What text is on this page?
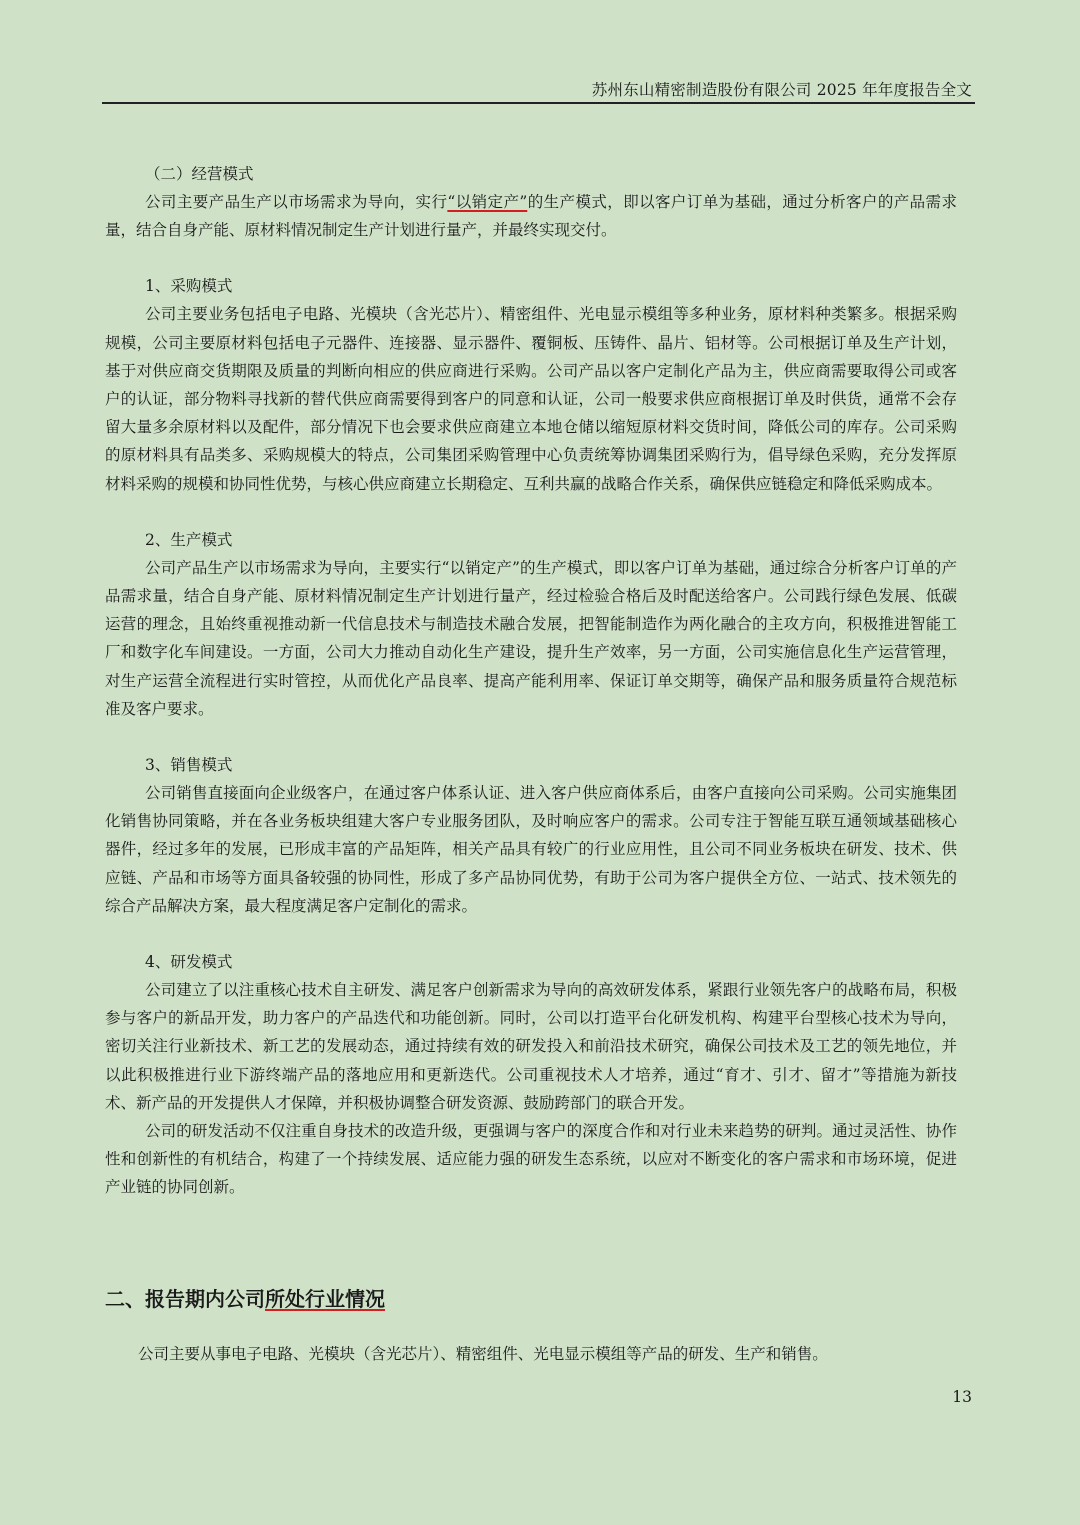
苏州东山精密制造股份有限公司 2025 年年度报告全文

（二）经营模式

公司主要产品生产以市场需求为导向，实行“以销定产”的生产模式，即以客户订单为基础，通过分析客户的产品需求量，结合自身产能、原材料情况制定生产计划进行量产，并最终实现交付。

1、采购模式

公司主要业务包括电子电路、光模块（含光芯片）、精密组件、光电显示模组等多种业务，原材料种类繁多。根据采购规模，公司主要原材料包括电子元器件、连接器、显示器件、覆铜板、压铸件、晶片、铝材等。公司根据订单及生产计划，基于对供应商交货期限及质量的判断向相应的供应商进行采购。公司产品以客户定制化产品为主，供应商需要取得公司或客户的认证，部分物料寻找新的替代供应商需要得到客户的同意和认证，公司一般要求供应商根据订单及时供货，通常不会存留大量多余原材料以及配件，部分情况下也会要求供应商建立本地仓储以缩短原材料交货时间，降低公司的库存。公司采购的原材料具有品类多、采购规模大的特点，公司集团采购管理中心负责统筹协调集团采购行为，倡导绿色采购，充分发挥原材料采购的规模和协同性优势，与核心供应商建立长期稳定、互利共赢的战略合作关系，确保供应链稳定和降低采购成本。

2、生产模式

公司产品生产以市场需求为导向，主要实行“以销定产”的生产模式，即以客户订单为基础，通过综合分析客户订单的产品需求量，结合自身产能、原材料情况制定生产计划进行量产，经过检验合格后及时配送给客户。公司践行绿色发展、低碳运营的理念，且始终重视推动新一代信息技术与制造技术融合发展，把智能制造作为两化融合的主攻方向，积极推进智能工厂和数字化车间建设。一方面，公司大力推动自动化生产建设，提升生产效率，另一方面，公司实施信息化生产运营管理，对生产运营全流程进行实时管控，从而优化产品良率、提高产能利用率、保证订单交期等，确保产品和服务质量符合规范标准及客户要求。

3、销售模式

公司销售直接面向企业级客户，在通过客户体系认证、进入客户供应商体系后，由客户直接向公司采购。公司实施集团化销售协同策略，并在各业务板块组建大客户专业服务团队，及时响应客户的需求。公司专注于智能互联互通领域基础核心器件，经过多年的发展，已形成丰富的产品矩阵，相关产品具有较广的行业应用性，且公司不同业务板块在研发、技术、供应链、产品和市场等方面具备较强的协同性，形成了多产品协同优势，有助于公司为客户提供全方位、一站式、技术领先的综合产品解决方案，最大程度满足客户定制化的需求。

4、研发模式

公司建立了以注重核心技术自主研发、满足客户创新需求为导向的高效研发体系，紧跟行业领先客户的战略布局，积极参与客户的新品开发，助力客户的产品迭代和功能创新。同时，公司以打造平台化研发机构、构建平台型核心技术为导向，密切关注行业新技术、新工艺的发展动态，通过持续有效的研发投入和前沿技术研究，确保公司技术及工艺的领先地位，并以此积极推进行业下游终端产品的落地应用和更新迭代。公司重视技术人才培养，通过“育才、引才、留才”等措施为新技术、新产品的开发提供人才保障，并积极协调整合研发资源、鼓励跨部门的联合开发。

公司的研发活动不仅注重自身技术的改造升级，更强调与客户的深度合作和对行业未来趋势的研判。通过灵活性、协作性和创新性的有机结合，构建了一个持续发展、适应能力强的研发生态系统，以应对不断变化的客户需求和市场环境，促进产业链的协同创新。

二、报告期内公司所处行业情况

公司主要从事电子电路、光模块（含光芯片）、精密组件、光电显示模组等产品的研发、生产和销售。

13
